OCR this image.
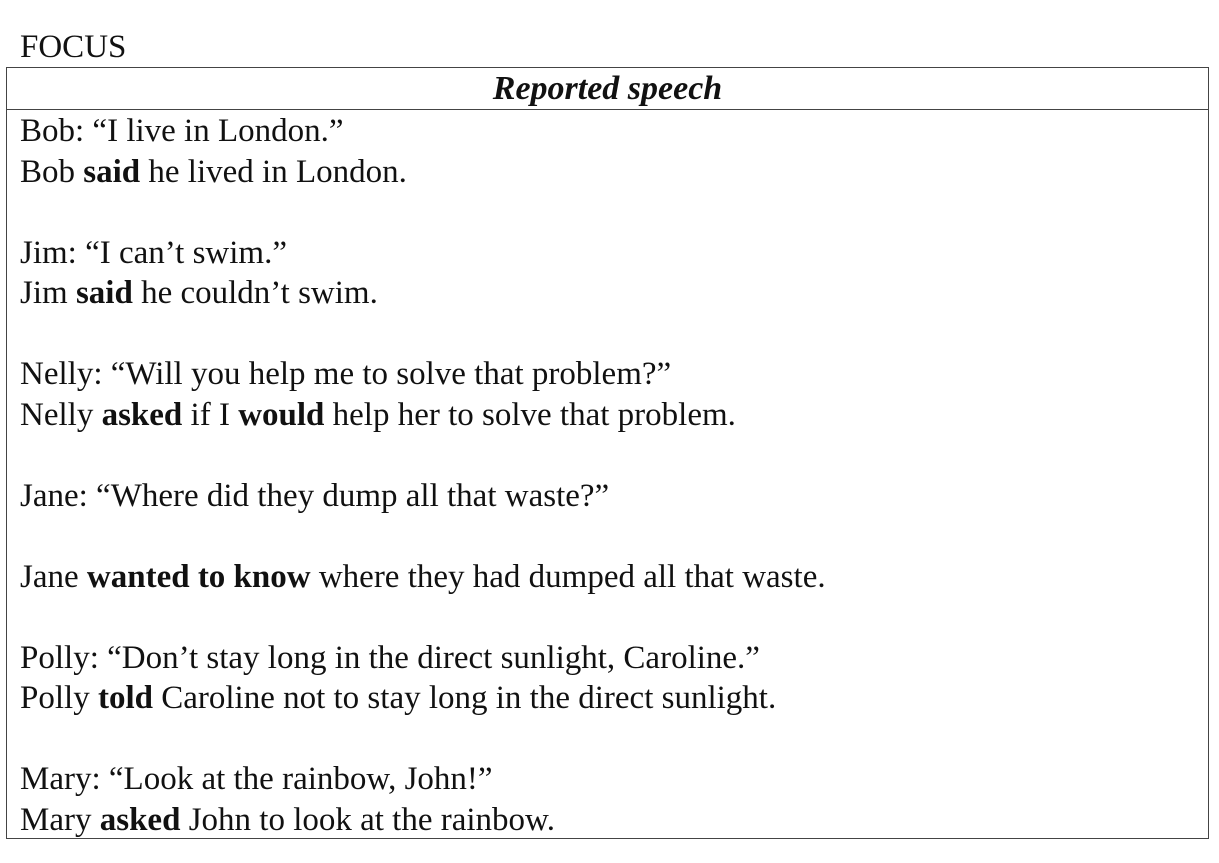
FOCUS
Reported speech
Bob: “I live in London.”
Bob said he lived in London.
Jim: “I can’t swim.”
Jim said he couldn’t swim.
Nelly: “Will you help me to solve that problem?”
Nelly asked if I would help her to solve that problem.
Jane: “Where did they dump all that waste?”
Jane wanted to know where they had dumped all that waste.
Polly: “Don’t stay long in the direct sunlight, Caroline.”
Polly told Caroline not to stay long in the direct sunlight.
Mary: “Look at the rainbow, John!”
Mary asked John to look at the rainbow.
